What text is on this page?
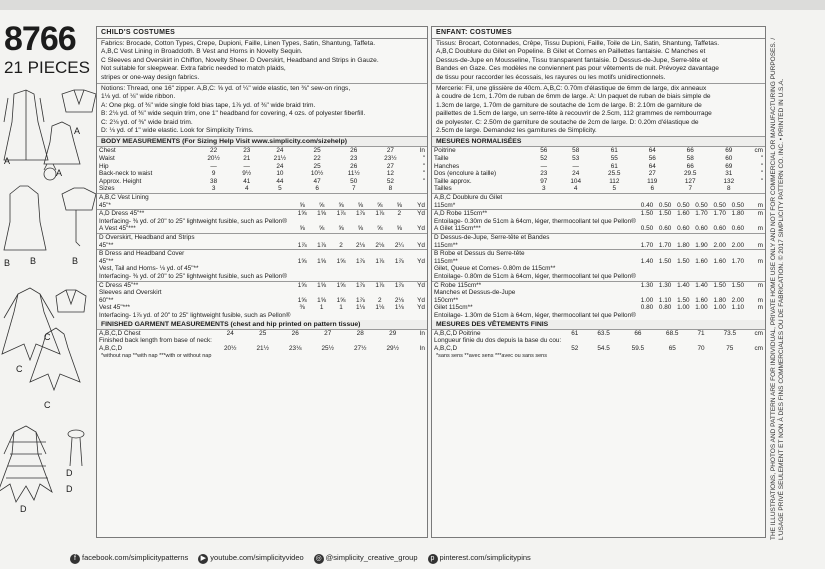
8766
21 PIECES
A
A
A
B	B
B
C
C
C
D
D
D
CHILD'S COSTUMES
Fabrics: Brocade, Cotton Types, Crepe, Dupioni, Faille, Linen Types, Satin, Shantung, Taffeta.
A,B,C Vest Lining in Broadcloth. B Vest and Horns in Novelty Sequin.
C Sleeves and Overskirt in Chiffon, Novelty Sheer. D Overskirt, Headband and Strips in Gauze.
Not suitable for sleepwear. Extra fabric needed to match plaids,
stripes or one-way design fabrics.
Notions: Thread, one 16" zipper. A,B,C: ⅝ yd. of ¼" wide elastic, ten ⅜" sew-on rings,
1⅛ yd. of ⅛" wide ribbon.
A: One pkg. of ⅜" wide single fold bias tape, 1⅞ yd. of ⅜" wide braid trim.
B: 2⅛ yd. of ⅜" wide sequin trim, one 1" headband for covering, 4 ozs. of polyester fiberfill.
C: 2⅛ yd. of ⅜" wide braid trim.
D: ⅛ yd. of 1" wide elastic. Look for Simplicity Trims.
BODY MEASUREMENTS (For Sizing Help Visit www.simplicity.com/sizehelp)
Chest	22	23	24	25	26	27	In
Waist	20½	21	21½	22	23	23½	"
Hip	—	—	24	25	26	27	"
Back-neck to waist	9	9½	10	10½	11½	12	"
Approx. Height	38	41	44	47	50	52	"
Sizes	3	4	5	6	7	8	
A,B,C Vest Lining							
45"*	⅝	⅝	⅝	⅝	⅝	⅝	Yd
A,D Dress 45"**	1⅝	1⅝	1⅞	1⅞	1⅞	2	Yd
Interfacing- ⅜ yd. of 20" to 25" lightweight fusible, such as Pellon®							
A Vest 45"***	⅝	⅝	⅝	⅝	⅝	⅝	Yd
D Overskirt, Headband and Strips							
45"**	1⅞	1⅞	2	2⅛	2⅛	2¼	Yd
B Dress and Headband Cover							
45"**	1⅝	1⅝	1⅝	1⅞	1⅞	1⅞	Yd
Vest, Tail and Horns- ⅛ yd. of 45"**							
Interfacing- ⅜ yd. of 20" to 25" lightweight fusible, such as Pellon®							
C Dress 45"**	1⅝	1⅝	1⅝	1⅞	1⅞	1⅞	Yd
Sleeves and Overskirt							
60"**	1⅝	1⅝	1⅝	1⅞	2	2⅛	Yd
Vest 45"***	⅜	1	1	1⅛	1⅛	1⅛	Yd
Interfacing- 1⅞ yd. of 20" to 25" lightweight fusible, such as Pellon®							
FINISHED GARMENT MEASUREMENTS (chest and hip printed on pattern tissue)
A,B,C,D Chest	24	25	26	27	28	29	In
Finished back length from base of neck:							
A,B,C,D	20½	21½	23⅛	25½	27½	29½	In
*without nap **with nap ***with or without nap
ENFANT: COSTUMES
Tissus: Brocart, Cotonnades, Crêpe, Tissu Dupioni, Faille, Toile de Lin, Satin, Shantung, Taffetas.
A,B,C Doublure du Gilet en Popeline. B Gilet et Cornes en Paillettes fantaisie. C Manches et
Dessus-de-Jupe en Mousseline, Tissu transparent fantaisie. D Dessus-de-Jupe, Serre-tête et
Bandes en Gaze. Ces modèles ne conviennent pas pour vêtements de nuit. Prévoyez davantage
de tissu pour raccorder les écossais, les rayures ou les motifs unidirectionnels.
Mercerie: Fil, une glissière de 40cm. A,B,C: 0.70m d'élastique de 6mm de large, dix anneaux
à coudre de 1cm, 1.70m de ruban de 6mm de large. A: Un paquet de ruban de biais simple de
1.3cm de large, 1.70m de garniture de soutache de 1cm de large. B: 2.10m de garniture de
paillettes de 1.5cm de large, un serre-tête à recouvrir de 2.5cm, 112 grammes de rembourrage
de polyester. C: 2.50m de garniture de soutache de 2cm de large. D: 0.20m d'élastique de
2.5cm de large. Demandez les garnitures de Simplicity.
MESURES NORMALISÉES
Poitrine	56	58	61	64	66	69	cm
Taille	52	53	55	56	58	60	"
Hanches	—	—	61	64	66	69	"
Dos (encolure à taille)	23	24	25.5	27	29.5	31	"
Taille approx.	97	104	112	119	127	132	"
Tailles	3	4	5	6	7	8	
A,B,C Doublure du Gilet							
115cm*	0.40	0.50	0.50	0.50	0.50	0.50	m
A,D Robe 115cm**	1.50	1.50	1.60	1.70	1.70	1.80	m
Entoilage- 0.30m de 51cm à 64cm, léger, thermocollant tel que Pellon®							
A Gilet 115cm***	0.50	0.60	0.60	0.60	0.60	0.60	m
D Dessus-de-Jupe, Serre-tête et Bandes							
115cm**	1.70	1.70	1.80	1.90	2.00	2.00	m
B Robe et Dessus du Serre-tête							
115cm**	1.40	1.50	1.50	1.60	1.60	1.70	m
Gilet, Queue et Cornes- 0.80m de 115cm**							
Entoilage- 0.80m de 51cm à 64cm, léger, thermocollant tel que Pellon®							
C Robe 115cm**	1.30	1.30	1.40	1.40	1.50	1.50	m
Manches et Dessus-de-Jupe							
150cm**	1.00	1.10	1.50	1.60	1.80	2.00	m
Gilet 115cm**	0.80	0.80	1.00	1.00	1.00	1.10	m
Entoilage- 1.30m de 51cm à 64cm, léger, thermocollant tel que Pellon®							
MESURES DES VÊTEMENTS FINIS
A,B,C,D Poitrine	61	63.5	66	68.5	71	73.5	cm
Longueur finie du dos depuis la base du cou:							
A,B,C,D	52	54.5	59.5	65	70	75	cm
*sans sens **avec sens ***avec ou sans sens	THE ILLUSTRATIONS, PHOTOS AND PATTERN ARE FOR INDIVIDUAL, PRIVATE HOME USE ONLY AND NOT FOR COMMERCIAL OR MANUFACTURING PURPOSES. / L'USAGE PRIVÉ SEULEMENT ET NON À DES FINS COMMERCIALES OU DE FABRICATION. © 2017 SIMPLICITY PATTERN CO. INC. • PRINTED IN U.S.A.
f facebook.com/simplicitypatterns	▶ youtube.com/simplicityvideo ◎ @simplicity_creative_group	p pinterest.com/simplicitypins
